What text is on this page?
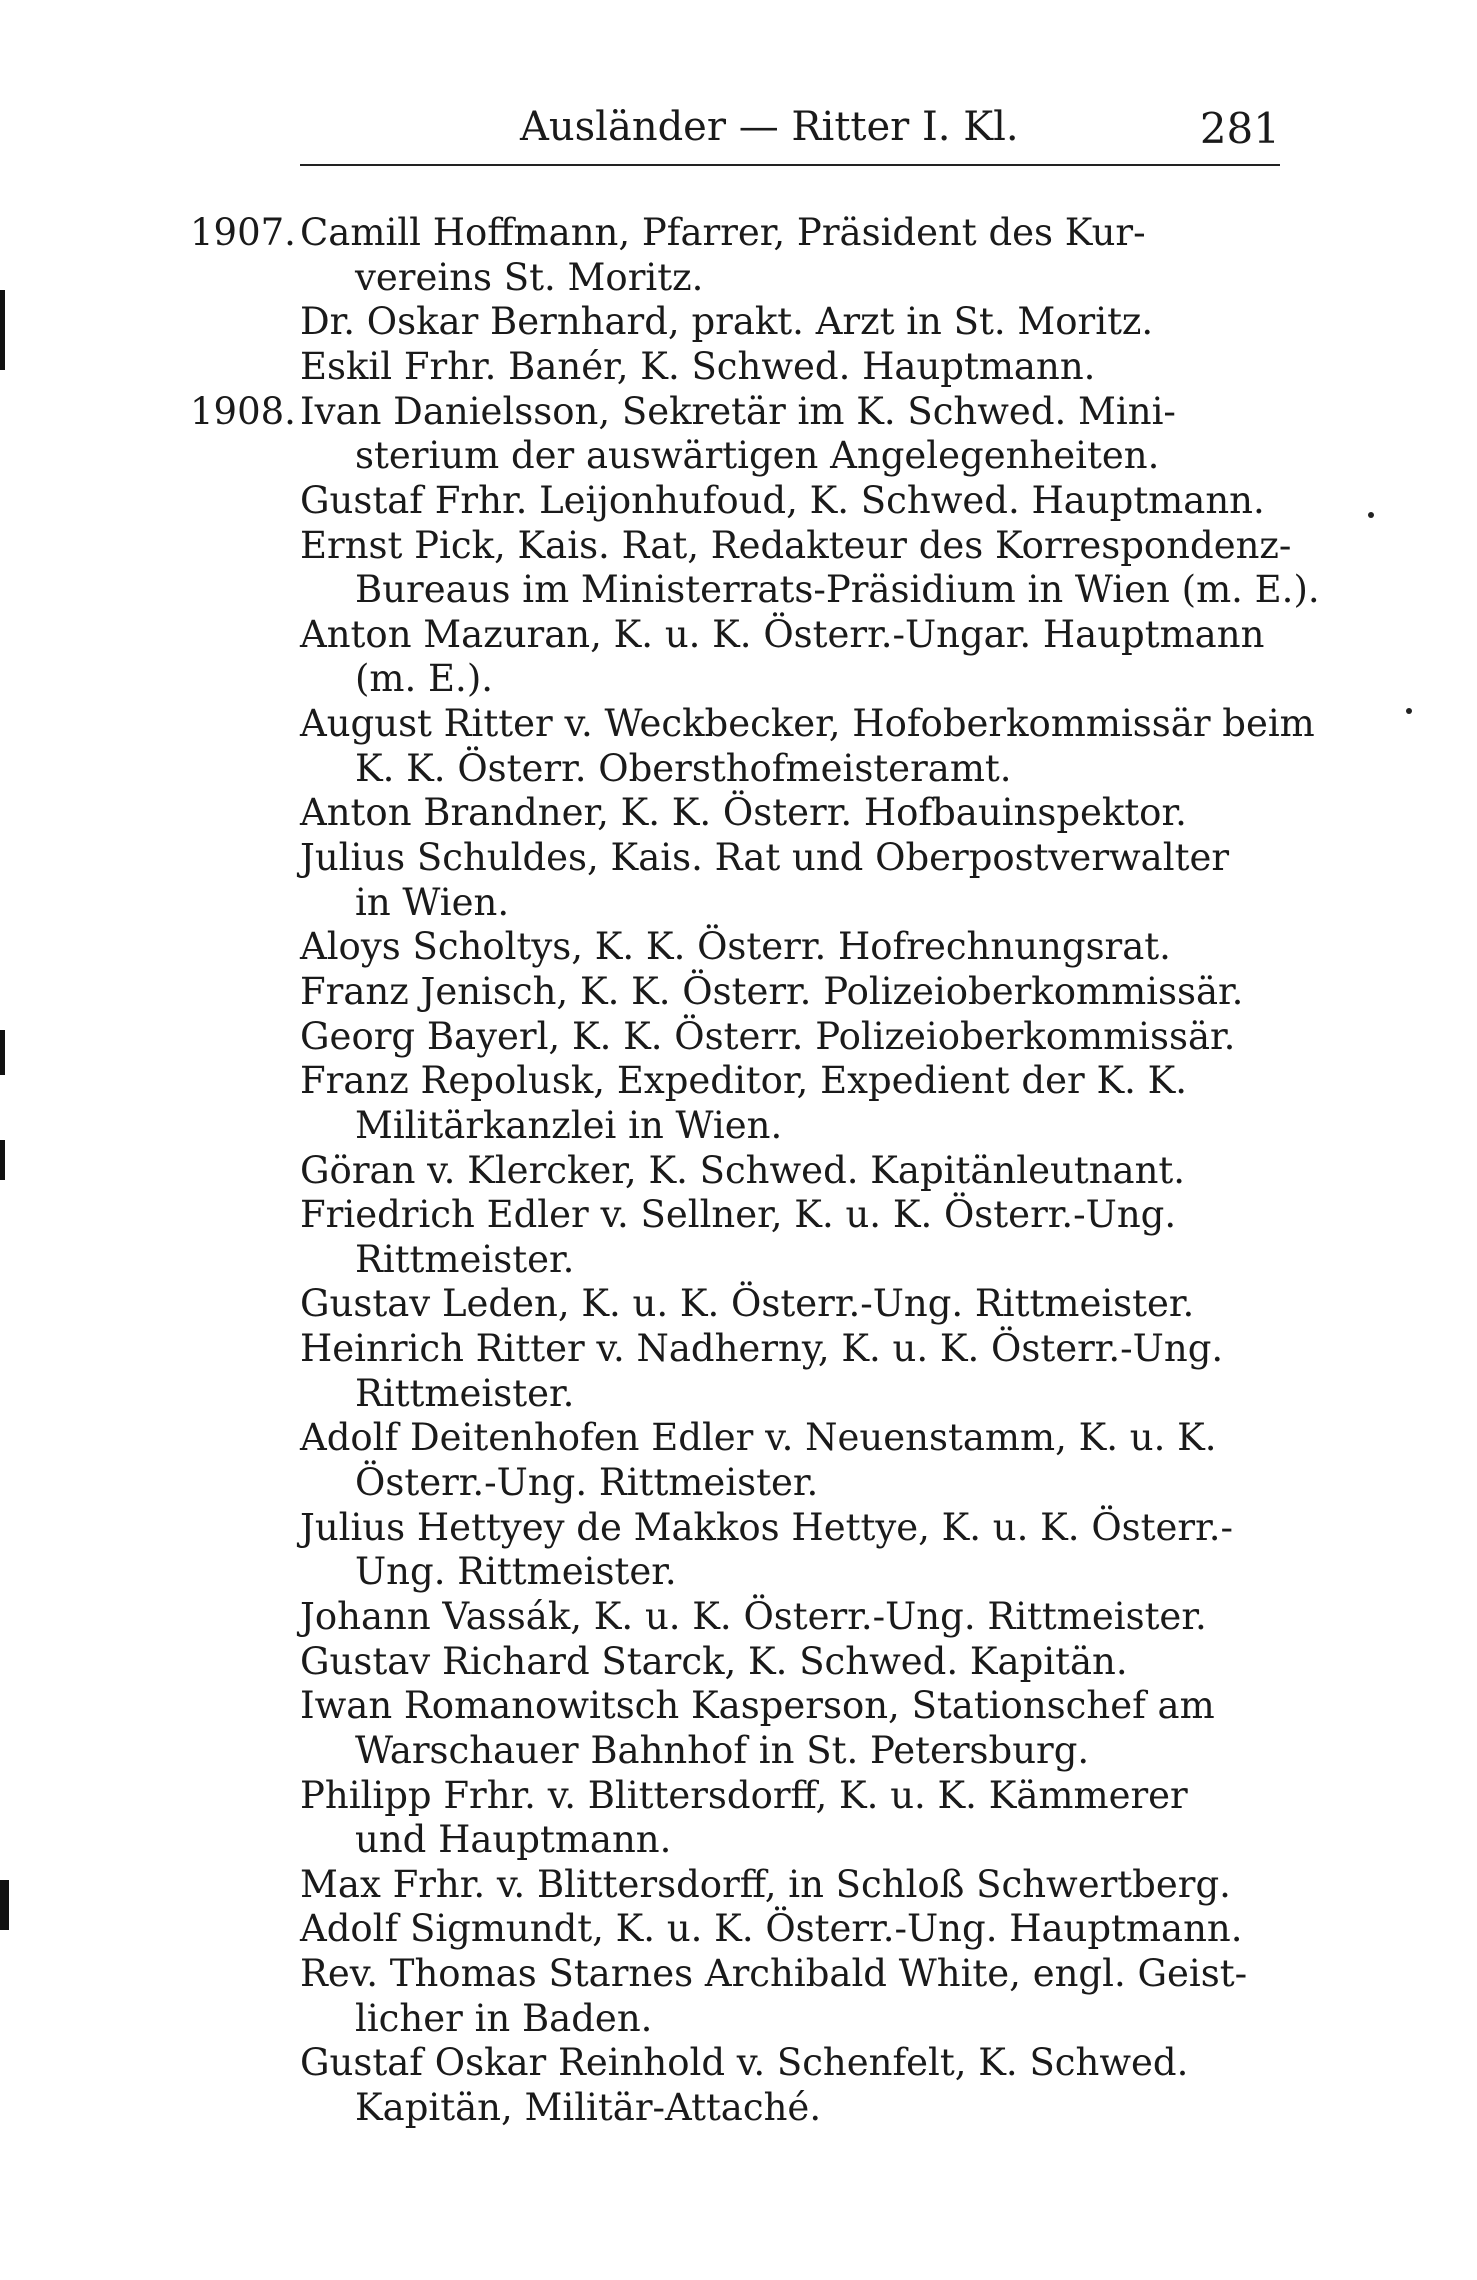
Ausländer — Ritter I. Kl.	281
1907. Camill Hoffmann, Pfarrer, Präsident des Kur-
vereins St. Moritz.
Dr. Oskar Bernhard, prakt. Arzt in St. Moritz.
Eskil Frhr. Banér, K. Schwed. Hauptmann.
1908. Ivan Danielsson, Sekretär im K. Schwed. Mini-
sterium der auswärtigen Angelegenheiten.
Gustaf Frhr. Leijonhufoud, K. Schwed. Hauptmann.
Ernst Pick, Kais. Rat, Redakteur des Korrespondenz-
Bureaus im Ministerrats-Präsidium in Wien (m. E.).
Anton Mazuran, K. u. K. Österr.-Ungar. Hauptmann
(m. E.).
August Ritter v. Weckbecker, Hofoberkommissär beim
K. K. Österr. Obersthofmeisteramt.
Anton Brandner, K. K. Österr. Hofbauinspektor.
Julius Schuldes, Kais. Rat und Oberpostverwalter
in Wien.
Aloys Scholtys, K. K. Österr. Hofrechnungsrat.
Franz Jenisch, K. K. Österr. Polizeioberkommissär.
Georg Bayerl, K. K. Österr. Polizeioberkommissär.
Franz Repolusk, Expeditor, Expedient der K. K.
Militärkanzlei in Wien.
Göran v. Klercker, K. Schwed. Kapitänleutnant.
Friedrich Edler v. Sellner, K. u. K. Österr.-Ung.
Rittmeister.
Gustav Leden, K. u. K. Österr.-Ung. Rittmeister.
Heinrich Ritter v. Nadherny, K. u. K. Österr.-Ung.
Rittmeister.
Adolf Deitenhofen Edler v. Neuenstamm, K. u. K.
Österr.-Ung. Rittmeister.
Julius Hettyey de Makkos Hettye, K. u. K. Österr.-
Ung. Rittmeister.
Johann Vassák, K. u. K. Österr.-Ung. Rittmeister.
Gustav Richard Starck, K. Schwed. Kapitän.
Iwan Romanowitsch Kasperson, Stationschef am
Warschauer Bahnhof in St. Petersburg.
Philipp Frhr. v. Blittersdorff, K. u. K. Kämmerer
und Hauptmann.
Max Frhr. v. Blittersdorff, in Schloß Schwertberg.
Adolf Sigmundt, K. u. K. Österr.-Ung. Hauptmann.
Rev. Thomas Starnes Archibald White, engl. Geist-
licher in Baden.
Gustaf Oskar Reinhold v. Schenfelt, K. Schwed.
Kapitän, Militär-Attaché.
